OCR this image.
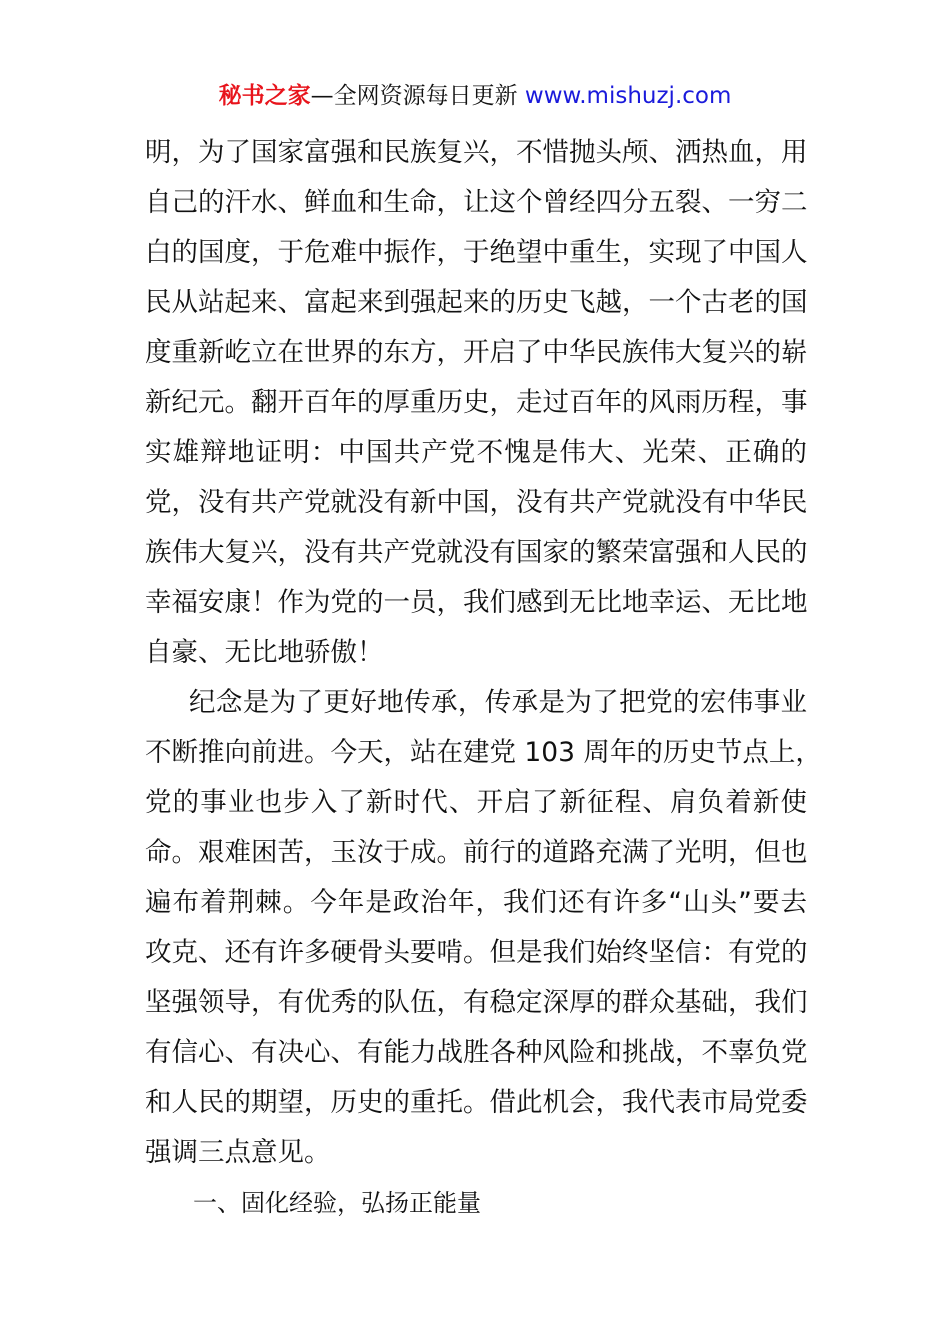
秘书之家—全网资源每日更新 www.mishuzj.com
明，为了国家富强和民族复兴，不惜抛头颅、洒热血，用
自己的汗水、鲜血和生命，让这个曾经四分五裂、一穷二
白的国度，于危难中振作，于绝望中重生，实现了中国人
民从站起来、富起来到强起来的历史飞越，一个古老的国
度重新屹立在世界的东方，开启了中华民族伟大复兴的崭
新纪元。翻开百年的厚重历史，走过百年的风雨历程，事
实雄辩地证明：中国共产党不愧是伟大、光荣、正确的
党，没有共产党就没有新中国，没有共产党就没有中华民
族伟大复兴，没有共产党就没有国家的繁荣富强和人民的
幸福安康！作为党的一员，我们感到无比地幸运、无比地
自豪、无比地骄傲！
纪念是为了更好地传承，传承是为了把党的宏伟事业
不断推向前进。今天，站在建党 103 周年的历史节点上，
党的事业也步入了新时代、开启了新征程、肩负着新使
命。艰难困苦，玉汝于成。前行的道路充满了光明，但也
遍布着荆棘。今年是政治年，我们还有许多“山头”要去
攻克、还有许多硬骨头要啃。但是我们始终坚信：有党的
坚强领导，有优秀的队伍，有稳定深厚的群众基础，我们
有信心、有决心、有能力战胜各种风险和挑战，不辜负党
和人民的期望，历史的重托。借此机会，我代表市局党委
强调三点意见。
一、固化经验，弘扬正能量
